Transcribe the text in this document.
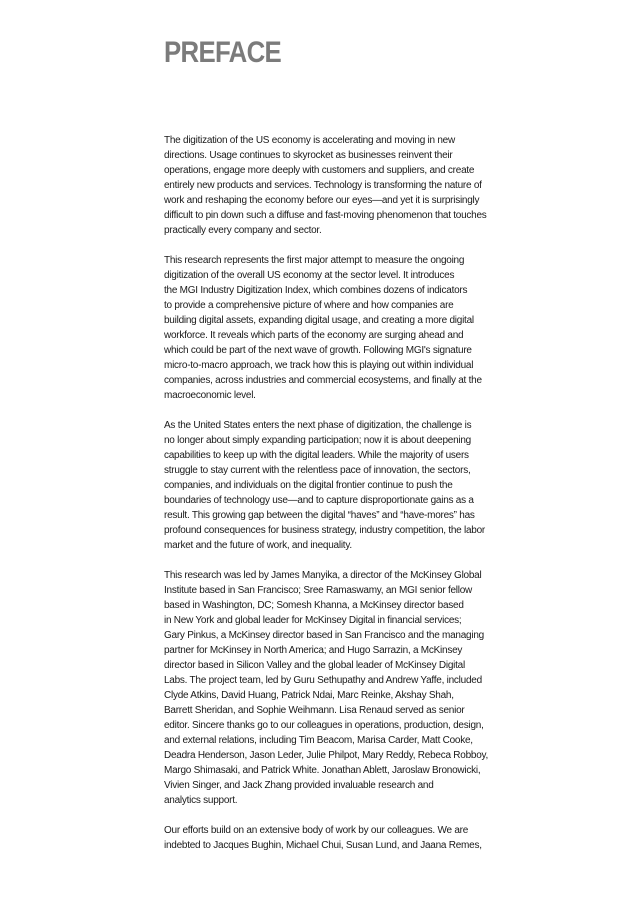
PREFACE

The digitization of the US economy is accelerating and moving in new
directions. Usage continues to skyrocket as businesses reinvent their
operations, engage more deeply with customers and suppliers, and create
entirely new products and services. Technology is transforming the nature of
work and reshaping the economy before our eyes—and yet it is surprisingly
difficult to pin down such a diffuse and fast-moving phenomenon that touches
practically every company and sector.

This research represents the first major attempt to measure the ongoing
digitization of the overall US economy at the sector level. It introduces
the MGI Industry Digitization Index, which combines dozens of indicators
to provide a comprehensive picture of where and how companies are
building digital assets, expanding digital usage, and creating a more digital
workforce. It reveals which parts of the economy are surging ahead and
which could be part of the next wave of growth. Following MGI's signature
micro-to-macro approach, we track how this is playing out within individual
companies, across industries and commercial ecosystems, and finally at the
macroeconomic level.

As the United States enters the next phase of digitization, the challenge is
no longer about simply expanding participation; now it is about deepening
capabilities to keep up with the digital leaders. While the majority of users
struggle to stay current with the relentless pace of innovation, the sectors,
companies, and individuals on the digital frontier continue to push the
boundaries of technology use—and to capture disproportionate gains as a
result. This growing gap between the digital “haves” and “have-mores” has
profound consequences for business strategy, industry competition, the labor
market and the future of work, and inequality.

This research was led by James Manyika, a director of the McKinsey Global
Institute based in San Francisco; Sree Ramaswamy, an MGI senior fellow
based in Washington, DC; Somesh Khanna, a McKinsey director based
in New York and global leader for McKinsey Digital in financial services;
Gary Pinkus, a McKinsey director based in San Francisco and the managing
partner for McKinsey in North America; and Hugo Sarrazin, a McKinsey
director based in Silicon Valley and the global leader of McKinsey Digital
Labs. The project team, led by Guru Sethupathy and Andrew Yaffe, included
Clyde Atkins, David Huang, Patrick Ndai, Marc Reinke, Akshay Shah,
Barrett Sheridan, and Sophie Weihmann. Lisa Renaud served as senior
editor. Sincere thanks go to our colleagues in operations, production, design,
and external relations, including Tim Beacom, Marisa Carder, Matt Cooke,
Deadra Henderson, Jason Leder, Julie Philpot, Mary Reddy, Rebeca Robboy,
Margo Shimasaki, and Patrick White. Jonathan Ablett, Jaroslaw Bronowicki,
Vivien Singer, and Jack Zhang provided invaluable research and
analytics support.

Our efforts build on an extensive body of work by our colleagues. We are
indebted to Jacques Bughin, Michael Chui, Susan Lund, and Jaana Remes,
